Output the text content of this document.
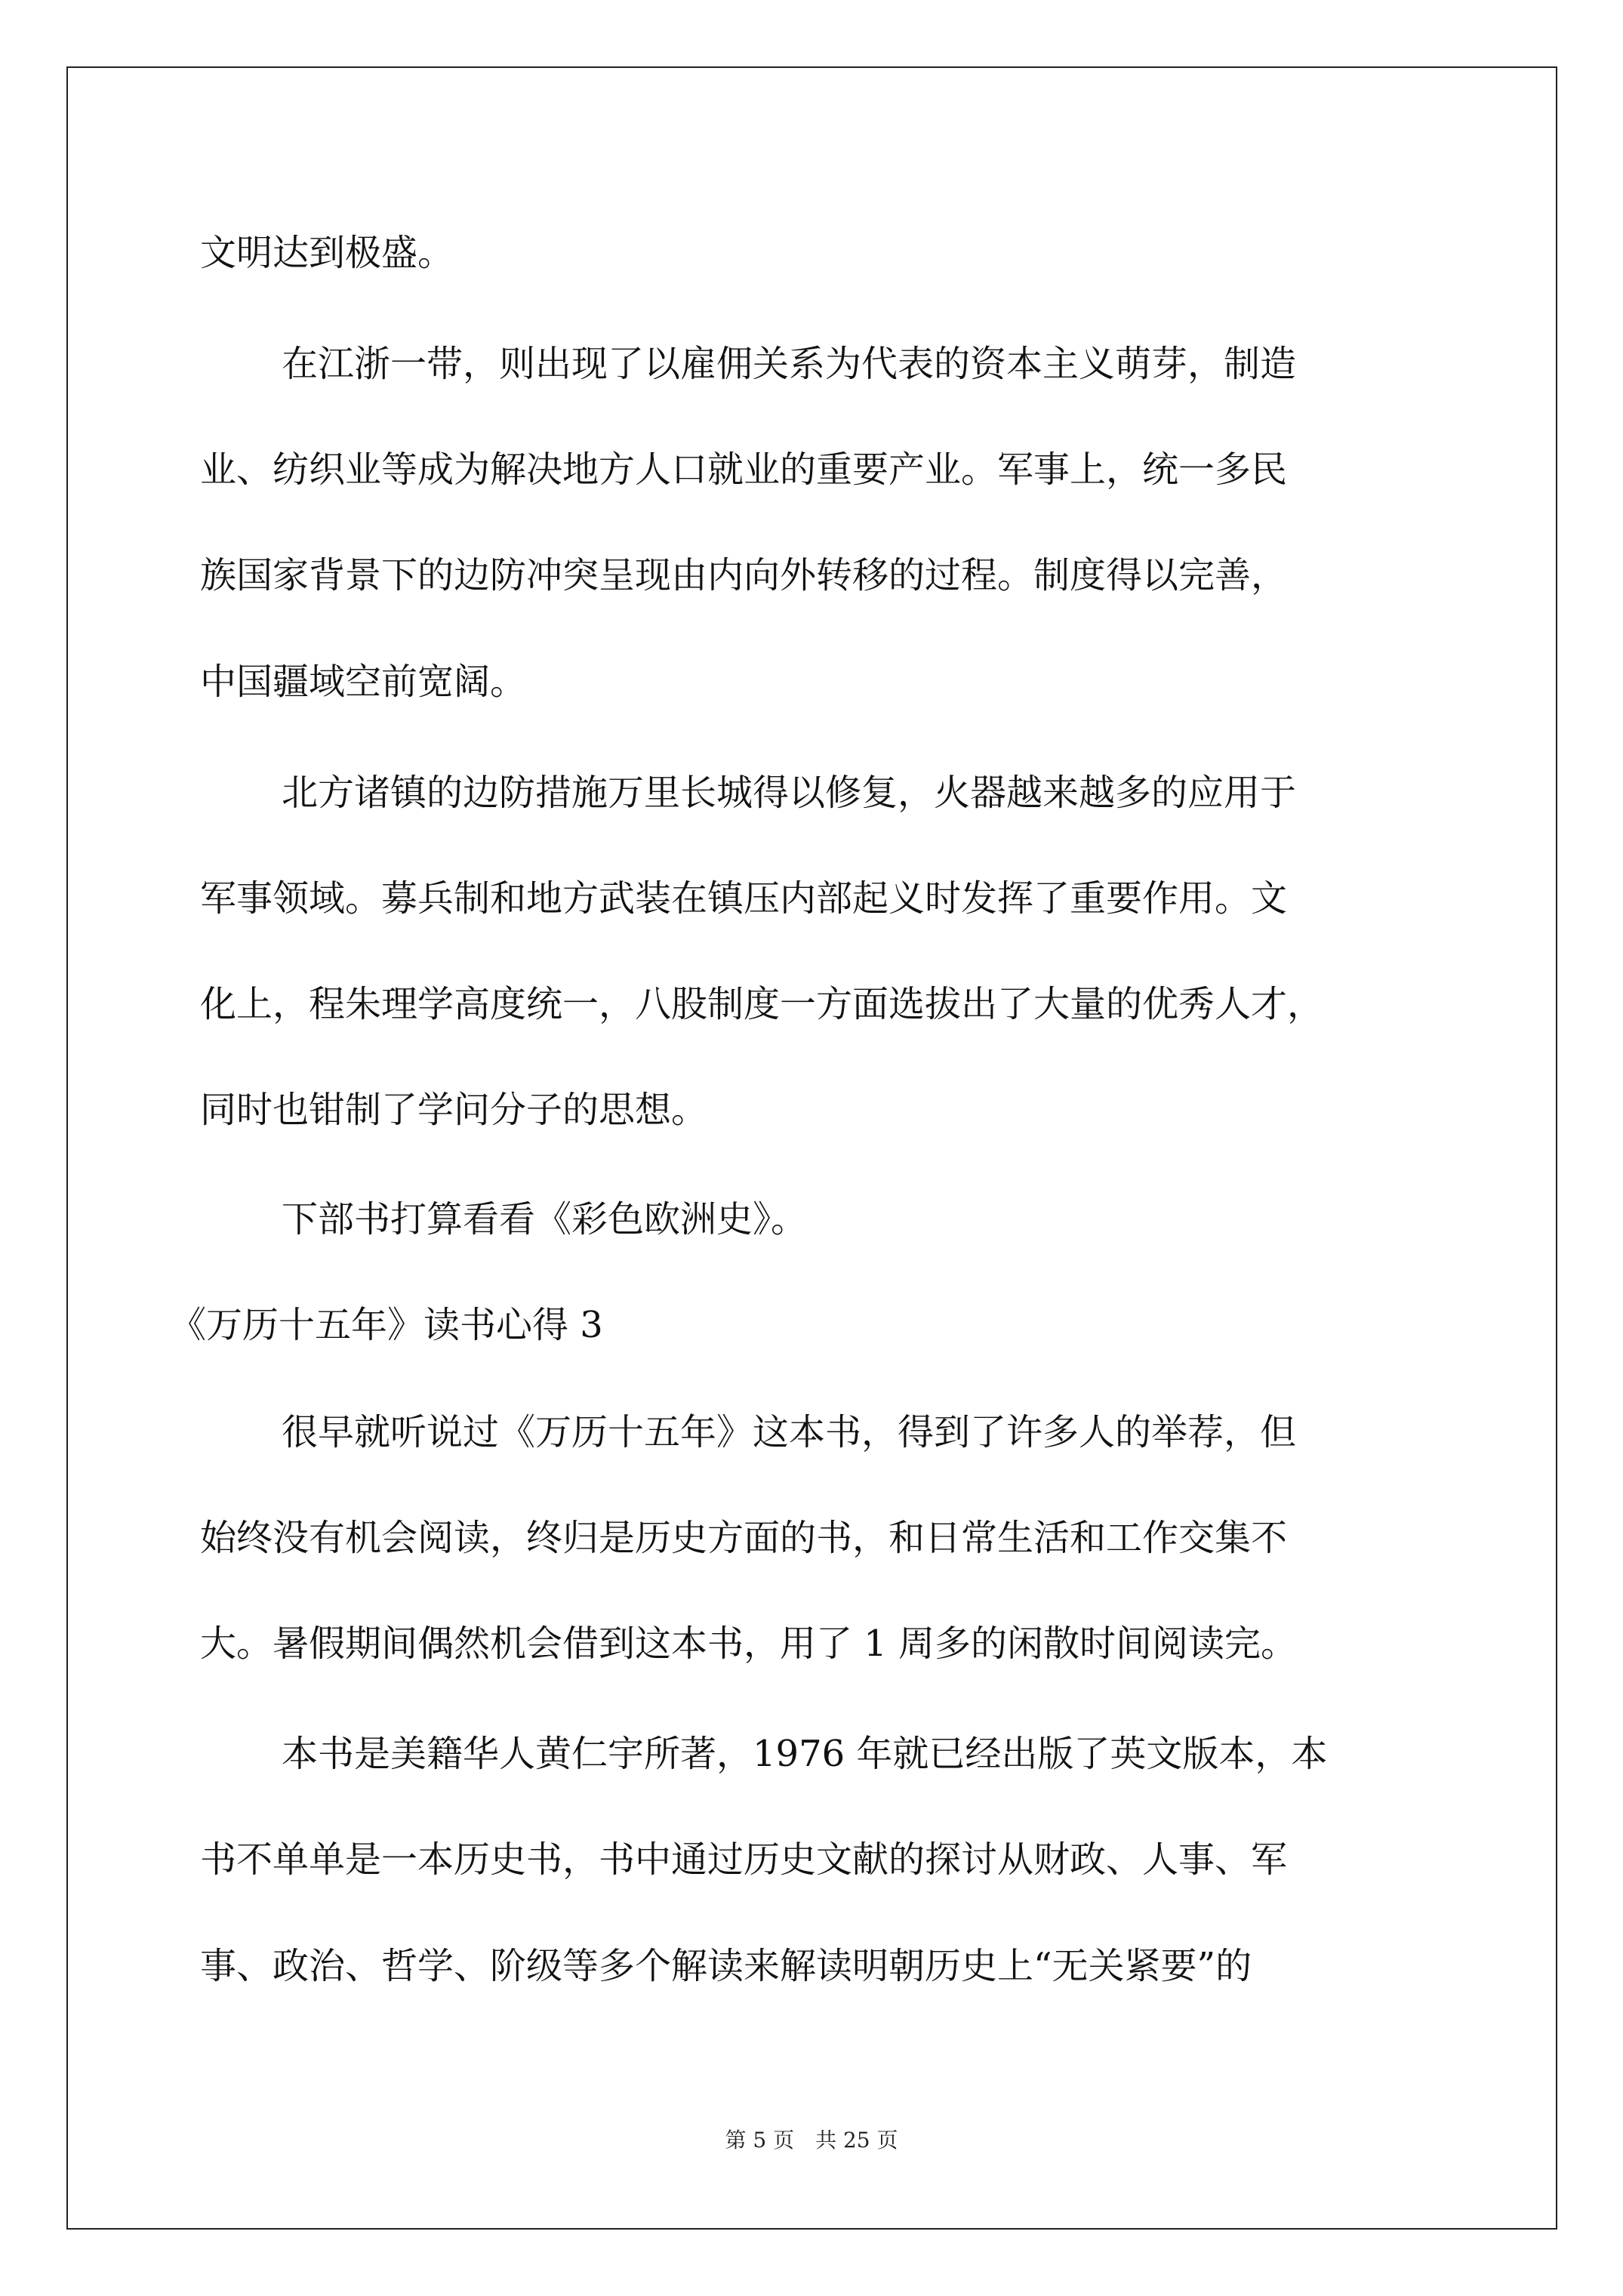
文明达到极盛。
在江浙一带，则出现了以雇佣关系为代表的资本主义萌芽，制造
业、纺织业等成为解决地方人口就业的重要产业。军事上，统一多民
族国家背景下的边防冲突呈现由内向外转移的过程。制度得以完善，
中国疆域空前宽阔。
北方诸镇的边防措施万里长城得以修复，火器越来越多的应用于
军事领域。募兵制和地方武装在镇压内部起义时发挥了重要作用。文
化上，程朱理学高度统一，八股制度一方面选拔出了大量的优秀人才，
同时也钳制了学问分子的思想。
下部书打算看看《彩色欧洲史》。
《万历十五年》读书心得 3
很早就听说过《万历十五年》这本书，得到了许多人的举荐，但
始终没有机会阅读，终归是历史方面的书，和日常生活和工作交集不
大。暑假期间偶然机会借到这本书，用了 1 周多的闲散时间阅读完。
本书是美籍华人黄仁宇所著，1976 年就已经出版了英文版本，本
书不单单是一本历史书，书中通过历史文献的探讨从财政、人事、军
事、政治、哲学、阶级等多个解读来解读明朝历史上“无关紧要”的
第 5 页　共 25 页
